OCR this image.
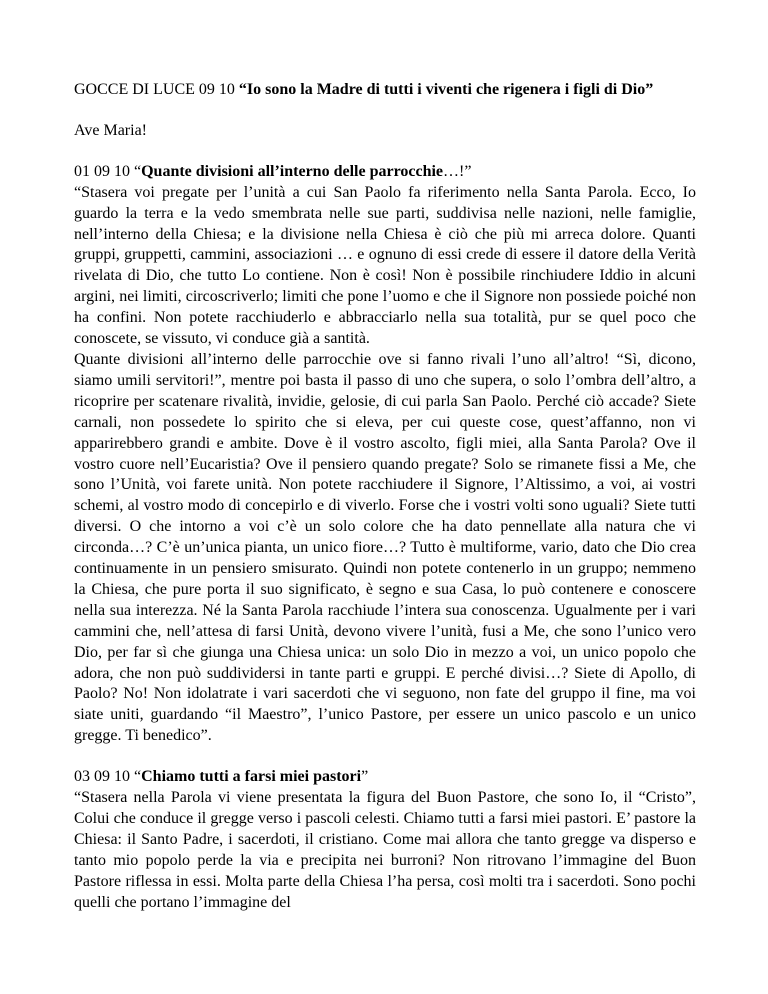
GOCCE DI LUCE 09 10 “Io sono la Madre di tutti i viventi che rigenera i figli di Dio”

Ave Maria!

01 09 10 “Quante divisioni all’interno delle parrocchie…!”

“Stasera voi pregate per l’unità a cui San Paolo fa riferimento nella Santa Parola. Ecco, Io guardo la terra e la vedo smembrata nelle sue parti, suddivisa nelle nazioni, nelle famiglie, nell’interno della Chiesa; e la divisione nella Chiesa è ciò che più mi arreca dolore. Quanti gruppi, gruppetti, cammini, associazioni … e ognuno di essi crede di essere il datore della Verità rivelata di Dio, che tutto Lo contiene. Non è così! Non è possibile rinchiudere Iddio in alcuni argini, nei limiti, circoscriverlo; limiti che pone l’uomo e che il Signore non possiede poiché non ha confini. Non potete racchiuderlo e abbracciarlo nella sua totalità, pur se quel poco che conoscete, se vissuto, vi conduce già a santità.

Quante divisioni all’interno delle parrocchie ove si fanno rivali l’uno all’altro! “Sì, dicono, siamo umili servitori!”, mentre poi basta il passo di uno che supera, o solo l’ombra dell’altro, a ricoprire per scatenare rivalità, invidie, gelosie, di cui parla San Paolo. Perché ciò accade? Siete carnali, non possedete lo spirito che si eleva, per cui queste cose, quest’affanno, non vi apparirebbero grandi e ambite. Dove è il vostro ascolto, figli miei, alla Santa Parola? Ove il vostro cuore nell’Eucaristia? Ove il pensiero quando pregate? Solo se rimanete fissi a Me, che sono l’Unità, voi farete unità. Non potete racchiudere il Signore, l’Altissimo, a voi, ai vostri schemi, al vostro modo di concepirlo e di viverlo. Forse che i vostri volti sono uguali? Siete tutti diversi. O che intorno a voi c’è un solo colore che ha dato pennellate alla natura che vi circonda…? C’è un’unica pianta, un unico fiore…? Tutto è multiforme, vario, dato che Dio crea continuamente in un pensiero smisurato. Quindi non potete contenerlo in un gruppo; nemmeno la Chiesa, che pure porta il suo significato, è segno e sua Casa, lo può contenere e conoscere nella sua interezza. Né la Santa Parola racchiude l’intera sua conoscenza. Ugualmente per i vari cammini che, nell’attesa di farsi Unità, devono vivere l’unità, fusi a Me, che sono l’unico vero Dio, per far sì che giunga una Chiesa unica: un solo Dio in mezzo a voi, un unico popolo che adora, che non può suddividersi in tante parti e gruppi. E perché divisi…? Siete di Apollo, di Paolo? No! Non idolatrate i vari sacerdoti che vi seguono, non fate del gruppo il fine, ma voi siate uniti, guardando “il Maestro”, l’unico Pastore, per essere un unico pascolo e un unico gregge. Ti benedico”.

03 09 10 “Chiamo tutti a farsi miei pastori”

“Stasera nella Parola vi viene presentata la figura del Buon Pastore, che sono Io, il “Cristo”, Colui che conduce il gregge verso i pascoli celesti. Chiamo tutti a farsi miei pastori. E’ pastore la Chiesa: il Santo Padre, i sacerdoti, il cristiano. Come mai allora che tanto gregge va disperso e tanto mio popolo perde la via e precipita nei burroni? Non ritrovano l’immagine del Buon Pastore riflessa in essi. Molta parte della Chiesa l’ha persa, così molti tra i sacerdoti. Sono pochi quelli che portano l’immagine del
